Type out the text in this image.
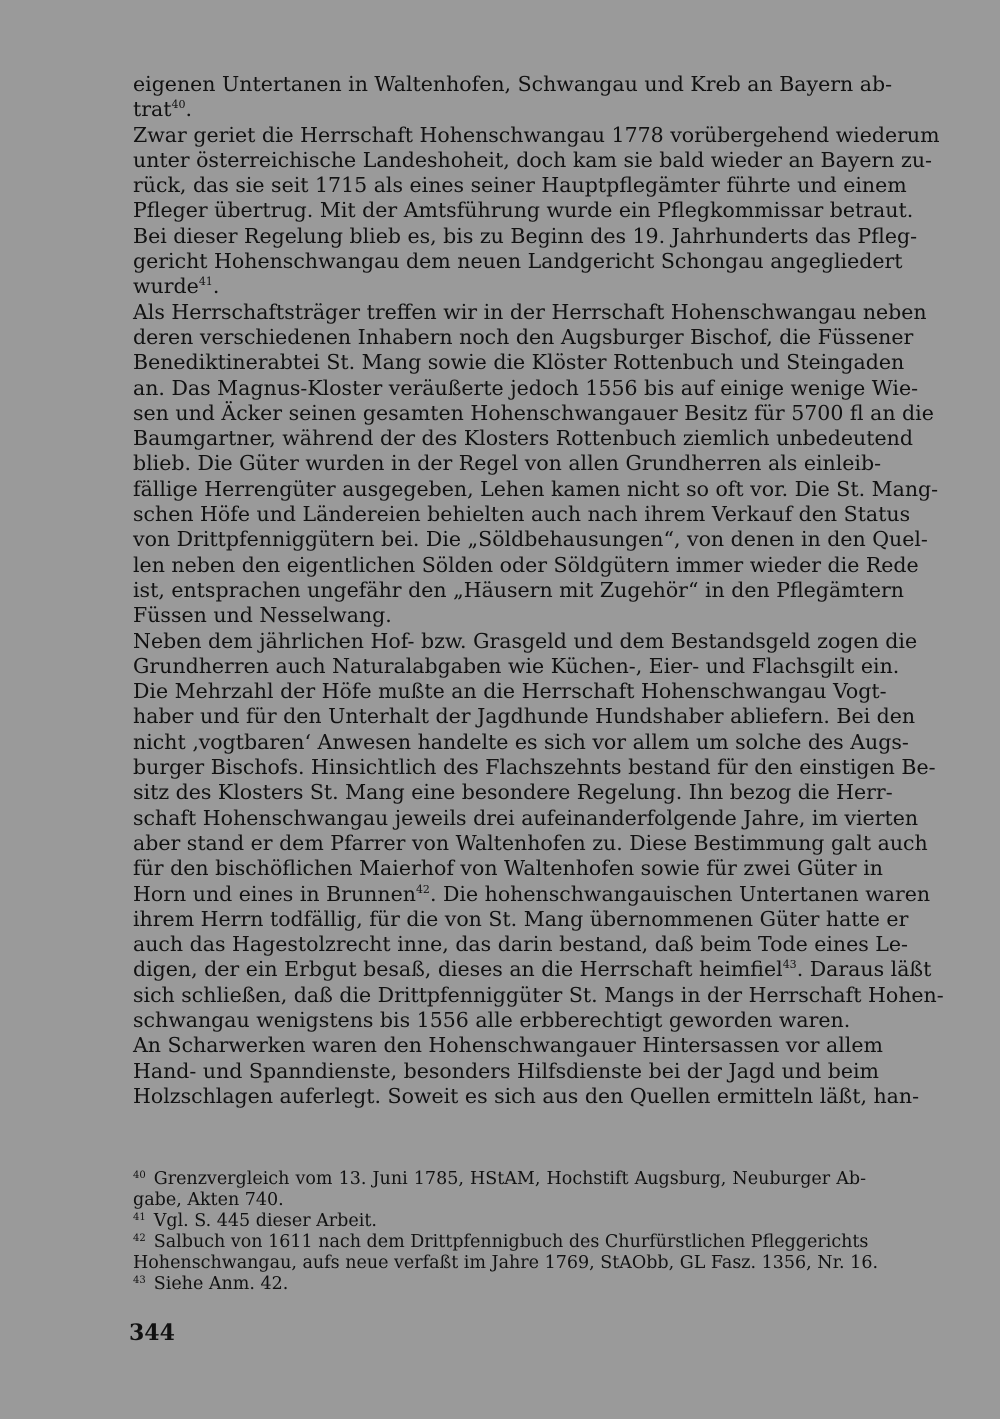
eigenen Untertanen in Waltenhofen, Schwangau und Kreb an Bayern ab-
trat$^{40}$.
Zwar geriet die Herrschaft Hohenschwangau 1778 vorübergehend wiederum
unter österreichische Landeshoheit, doch kam sie bald wieder an Bayern zu-
rück, das sie seit 1715 als eines seiner Hauptpflegämter führte und einem
Pfleger übertrug. Mit der Amtsführung wurde ein Pflegkommissar betraut.
Bei dieser Regelung blieb es, bis zu Beginn des 19. Jahrhunderts das Pfleg-
gericht Hohenschwangau dem neuen Landgericht Schongau angegliedert
wurde$^{41}$.
Als Herrschaftsträger treffen wir in der Herrschaft Hohenschwangau neben
deren verschiedenen Inhabern noch den Augsburger Bischof, die Füssener
Benediktinerabtei St. Mang sowie die Klöster Rottenbuch und Steingaden
an. Das Magnus-Kloster veräußerte jedoch 1556 bis auf einige wenige Wie-
sen und Äcker seinen gesamten Hohenschwangauer Besitz für 5700 fl an die
Baumgartner, während der des Klosters Rottenbuch ziemlich unbedeutend
blieb. Die Güter wurden in der Regel von allen Grundherren als einleib-
fällige Herrengüter ausgegeben, Lehen kamen nicht so oft vor. Die St. Mang-
schen Höfe und Ländereien behielten auch nach ihrem Verkauf den Status
von Drittpfenniggütern bei. Die „Söldbehausungen“, von denen in den Quel-
len neben den eigentlichen Sölden oder Söldgütern immer wieder die Rede
ist, entsprachen ungefähr den „Häusern mit Zugehör“ in den Pflegämtern
Füssen und Nesselwang.
Neben dem jährlichen Hof- bzw. Grasgeld und dem Bestandsgeld zogen die
Grundherren auch Naturalabgaben wie Küchen-, Eier- und Flachsgilt ein.
Die Mehrzahl der Höfe mußte an die Herrschaft Hohenschwangau Vogt-
haber und für den Unterhalt der Jagdhunde Hundshaber abliefern. Bei den
nicht ‚vogtbaren‘ Anwesen handelte es sich vor allem um solche des Augs-
burger Bischofs. Hinsichtlich des Flachszehnts bestand für den einstigen Be-
sitz des Klosters St. Mang eine besondere Regelung. Ihn bezog die Herr-
schaft Hohenschwangau jeweils drei aufeinanderfolgende Jahre, im vierten
aber stand er dem Pfarrer von Waltenhofen zu. Diese Bestimmung galt auch
für den bischöflichen Maierhof von Waltenhofen sowie für zwei Güter in
Horn und eines in Brunnen$^{42}$. Die hohenschwangauischen Untertanen waren
ihrem Herrn todfällig, für die von St. Mang übernommenen Güter hatte er
auch das Hagestolzrecht inne, das darin bestand, daß beim Tode eines Le-
digen, der ein Erbgut besaß, dieses an die Herrschaft heimfiel$^{43}$. Daraus läßt
sich schließen, daß die Drittpfenniggüter St. Mangs in der Herrschaft Hohen-
schwangau wenigstens bis 1556 alle erbberechtigt geworden waren.
An Scharwerken waren den Hohenschwangauer Hintersassen vor allem
Hand- und Spanndienste, besonders Hilfsdienste bei der Jagd und beim
Holzschlagen auferlegt. Soweit es sich aus den Quellen ermitteln läßt, han-

$^{40}$ Grenzvergleich vom 13. Juni 1785, HStAM, Hochstift Augsburg, Neuburger Ab-
gabe, Akten 740.
$^{41}$ Vgl. S. 445 dieser Arbeit.
$^{42}$ Salbuch von 1611 nach dem Drittpfennigbuch des Churfürstlichen Pfleggerichts
Hohenschwangau, aufs neue verfaßt im Jahre 1769, StAObb, GL Fasz. 1356, Nr. 16.
$^{43}$ Siehe Anm. 42.
344
